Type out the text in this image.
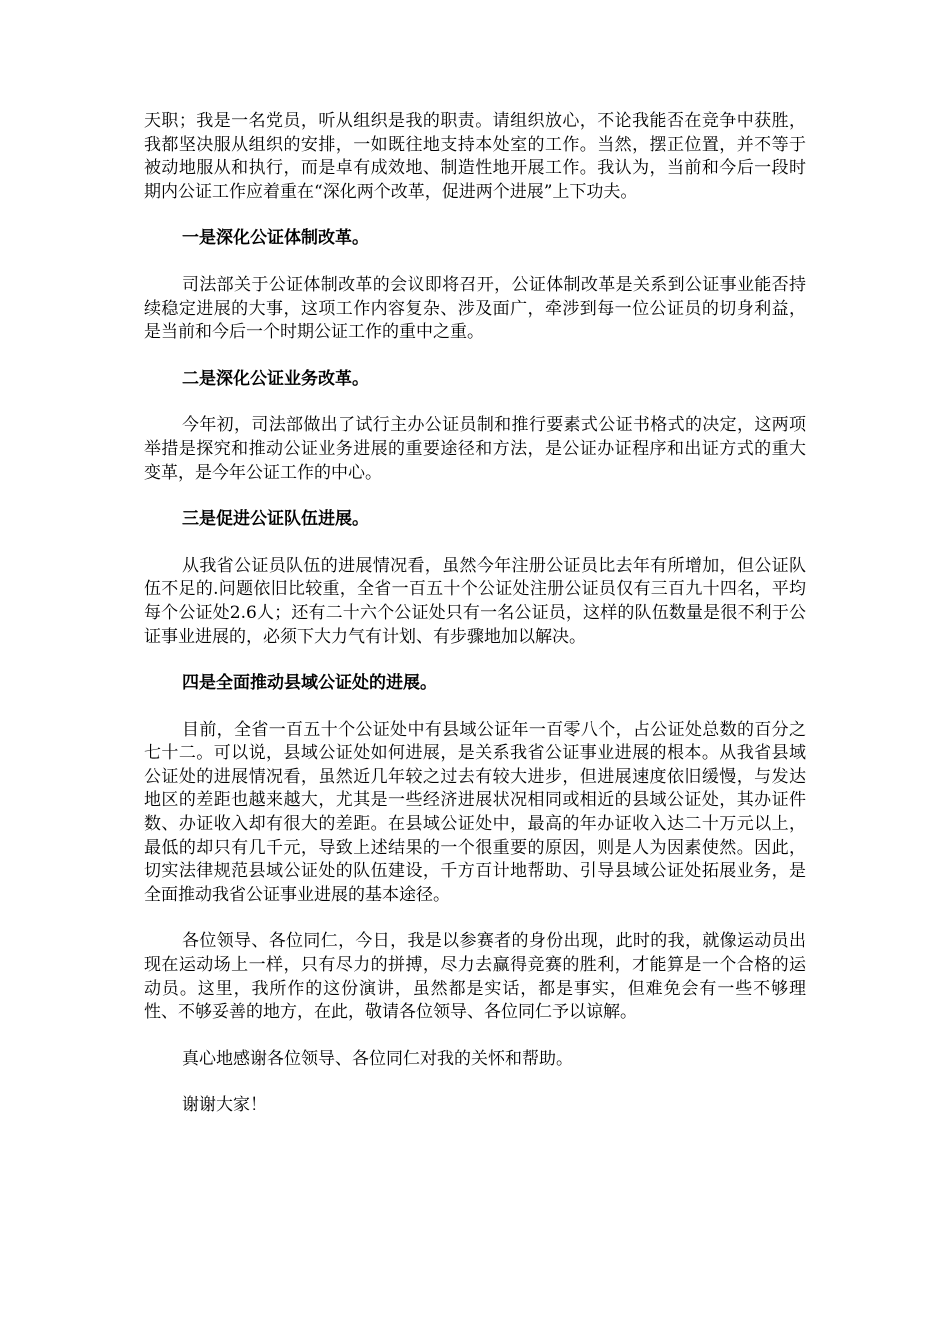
天职；我是一名党员，听从组织是我的职责。请组织放心，不论我能否在竞争中获胜，我都坚决服从组织的安排，一如既往地支持本处室的工作。当然，摆正位置，并不等于被动地服从和执行，而是卓有成效地、制造性地开展工作。我认为，当前和今后一段时期内公证工作应着重在“深化两个改革，促进两个进展”上下功夫。

一是深化公证体制改革。

司法部关于公证体制改革的会议即将召开，公证体制改革是关系到公证事业能否持续稳定进展的大事，这项工作内容复杂、涉及面广，牵涉到每一位公证员的切身利益，是当前和今后一个时期公证工作的重中之重。

二是深化公证业务改革。

今年初，司法部做出了试行主办公证员制和推行要素式公证书格式的决定，这两项举措是探究和推动公证业务进展的重要途径和方法，是公证办证程序和出证方式的重大变革，是今年公证工作的中心。

三是促进公证队伍进展。

从我省公证员队伍的进展情况看，虽然今年注册公证员比去年有所增加，但公证队伍不足的.问题依旧比较重，全省一百五十个公证处注册公证员仅有三百九十四名，平均每个公证处2.6人；还有二十六个公证处只有一名公证员，这样的队伍数量是很不利于公证事业进展的，必须下大力气有计划、有步骤地加以解决。

四是全面推动县域公证处的进展。

目前，全省一百五十个公证处中有县域公证年一百零八个，占公证处总数的百分之七十二。可以说，县域公证处如何进展，是关系我省公证事业进展的根本。从我省县域公证处的进展情况看，虽然近几年较之过去有较大进步，但进展速度依旧缓慢，与发达地区的差距也越来越大，尤其是一些经济进展状况相同或相近的县域公证处，其办证件数、办证收入却有很大的差距。在县域公证处中，最高的年办证收入达二十万元以上，最低的却只有几千元，导致上述结果的一个很重要的原因，则是人为因素使然。因此，切实法律规范县域公证处的队伍建设，千方百计地帮助、引导县域公证处拓展业务，是全面推动我省公证事业进展的基本途径。

各位领导、各位同仁，今日，我是以参赛者的身份出现，此时的我，就像运动员出现在运动场上一样，只有尽力的拼搏，尽力去赢得竞赛的胜利，才能算是一个合格的运动员。这里，我所作的这份演讲，虽然都是实话，都是事实，但难免会有一些不够理性、不够妥善的地方，在此，敬请各位领导、各位同仁予以谅解。

真心地感谢各位领导、各位同仁对我的关怀和帮助。

谢谢大家！
